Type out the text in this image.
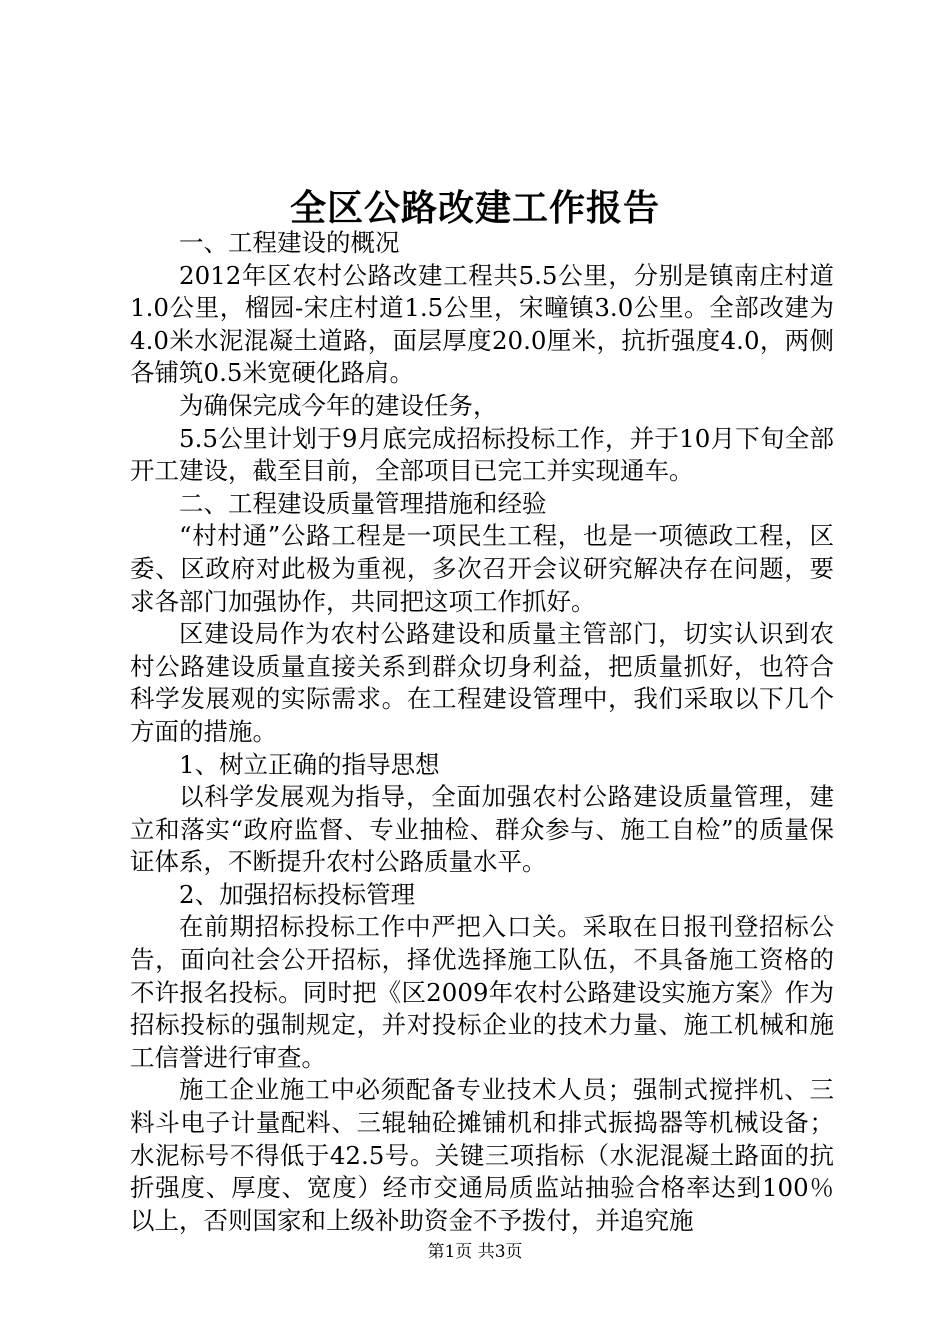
全区公路改建工作报告

一、工程建设的概况

2012年区农村公路改建工程共5.5公里，分别是镇南庄村道1.0公里，榴园-宋庄村道1.5公里，宋疃镇3.0公里。全部改建为4.0米水泥混凝土道路，面层厚度20.0厘米，抗折强度4.0，两侧各铺筑0.5米宽硬化路肩。

为确保完成今年的建设任务，

5.5公里计划于9月底完成招标投标工作，并于10月下旬全部开工建设，截至目前，全部项目已完工并实现通车。

二、工程建设质量管理措施和经验

“村村通”公路工程是一项民生工程，也是一项德政工程，区委、区政府对此极为重视，多次召开会议研究解决存在问题，要求各部门加强协作，共同把这项工作抓好。

区建设局作为农村公路建设和质量主管部门，切实认识到农村公路建设质量直接关系到群众切身利益，把质量抓好，也符合科学发展观的实际需求。在工程建设管理中，我们采取以下几个方面的措施。

1、树立正确的指导思想

以科学发展观为指导，全面加强农村公路建设质量管理，建立和落实“政府监督、专业抽检、群众参与、施工自检”的质量保证体系，不断提升农村公路质量水平。

2、加强招标投标管理

在前期招标投标工作中严把入口关。采取在日报刊登招标公告，面向社会公开招标，择优选择施工队伍，不具备施工资格的不许报名投标。同时把《区2009年农村公路建设实施方案》作为招标投标的强制规定，并对投标企业的技术力量、施工机械和施工信誉进行审查。

施工企业施工中必须配备专业技术人员；强制式搅拌机、三料斗电子计量配料、三辊轴砼摊铺机和排式振捣器等机械设备；水泥标号不得低于42.5号。关键三项指标（水泥混凝土路面的抗折强度、厚度、宽度）经市交通局质监站抽验合格率达到100％以上，否则国家和上级补助资金不予拨付，并追究施

第1页 共3页
